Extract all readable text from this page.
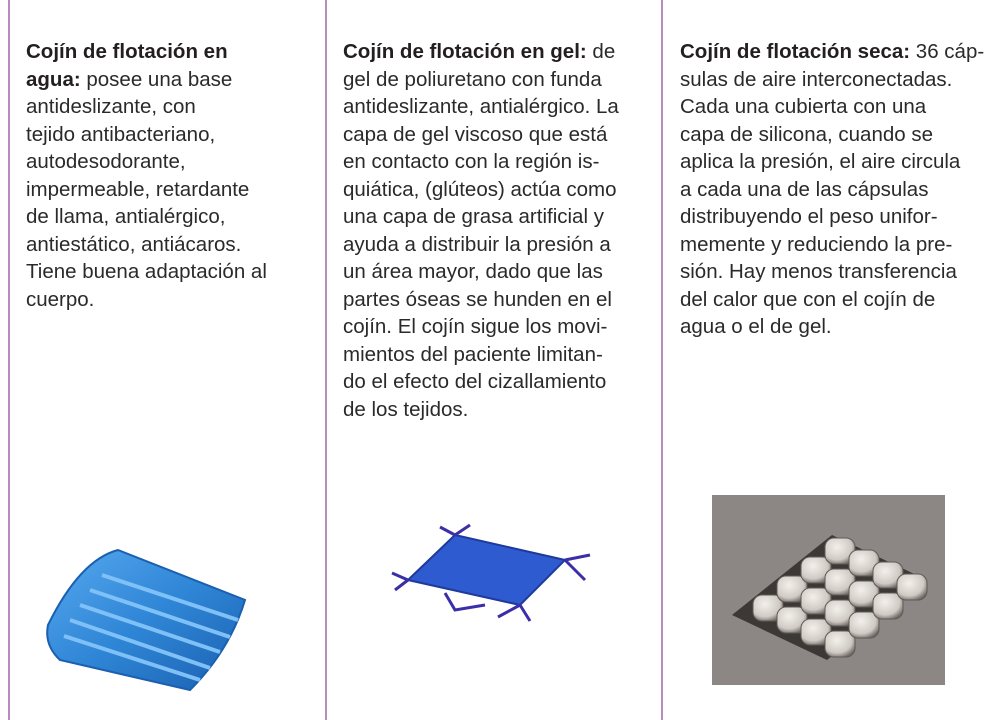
Cojín de flotación en
agua: posee una base
antideslizante, con
tejido antibacteriano,
autodesodorante,
impermeable, retardante
de llama, antialérgico,
antiestático, antiácaros.
Tiene buena adaptación al
cuerpo.

Cojín de flotación en gel: de
gel de poliuretano con funda
antideslizante, antialérgico. La
capa de gel viscoso que está
en contacto con la región is-
quiática, (glúteos) actúa como
una capa de grasa artificial y
ayuda a distribuir la presión a
un área mayor, dado que las
partes óseas se hunden en el
cojín. El cojín sigue los movi-
mientos del paciente limitan-
do el efecto del cizallamiento
de los tejidos.

Cojín de flotación seca: 36 cáp-
sulas de aire interconectadas.
Cada una cubierta con una
capa de silicona, cuando se
aplica la presión, el aire circula
a cada una de las cápsulas
distribuyendo el peso unifor-
memente y reduciendo la pre-
sión. Hay menos transferencia
del calor que con el cojín de
agua o el de gel.
